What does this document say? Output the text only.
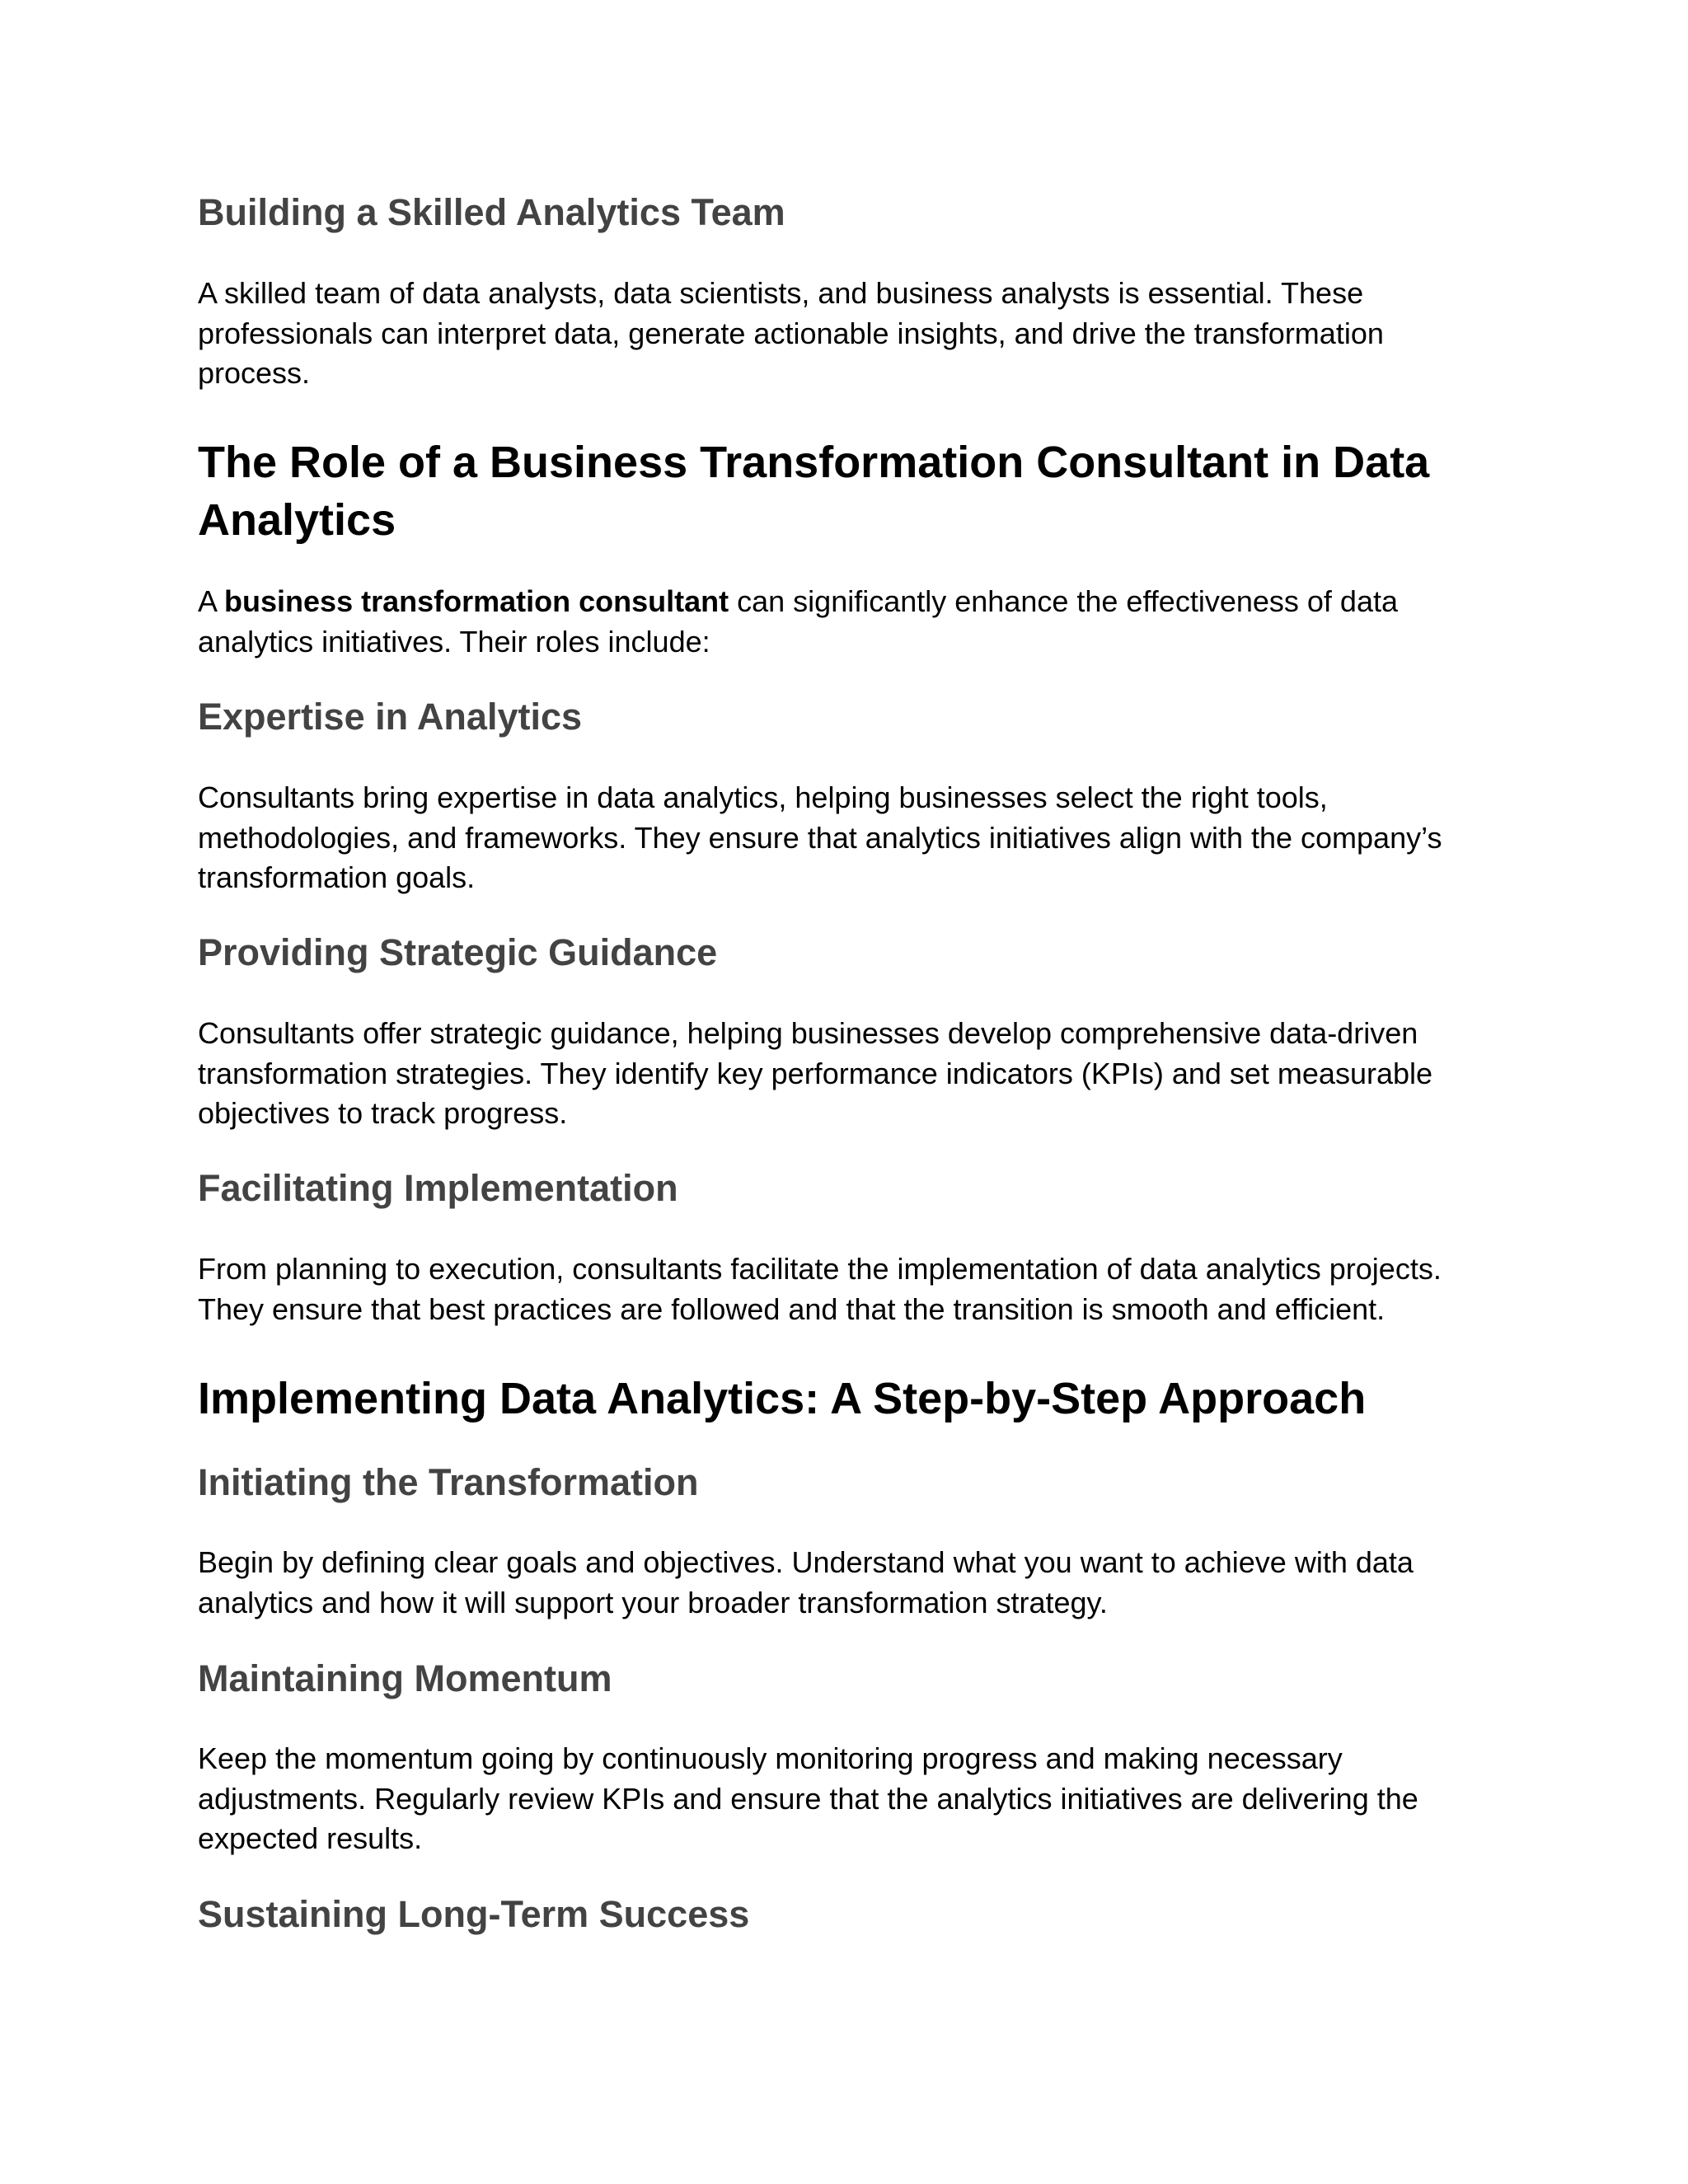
Building a Skilled Analytics Team

A skilled team of data analysts, data scientists, and business analysts is essential. These professionals can interpret data, generate actionable insights, and drive the transformation process.

The Role of a Business Transformation Consultant in Data Analytics

A business transformation consultant can significantly enhance the effectiveness of data analytics initiatives. Their roles include:

Expertise in Analytics

Consultants bring expertise in data analytics, helping businesses select the right tools, methodologies, and frameworks. They ensure that analytics initiatives align with the company’s transformation goals.

Providing Strategic Guidance

Consultants offer strategic guidance, helping businesses develop comprehensive data-driven transformation strategies. They identify key performance indicators (KPIs) and set measurable objectives to track progress.

Facilitating Implementation

From planning to execution, consultants facilitate the implementation of data analytics projects. They ensure that best practices are followed and that the transition is smooth and efficient.

Implementing Data Analytics: A Step-by-Step Approach
Initiating the Transformation

Begin by defining clear goals and objectives. Understand what you want to achieve with data analytics and how it will support your broader transformation strategy.

Maintaining Momentum

Keep the momentum going by continuously monitoring progress and making necessary adjustments. Regularly review KPIs and ensure that the analytics initiatives are delivering the expected results.

Sustaining Long-Term Success
